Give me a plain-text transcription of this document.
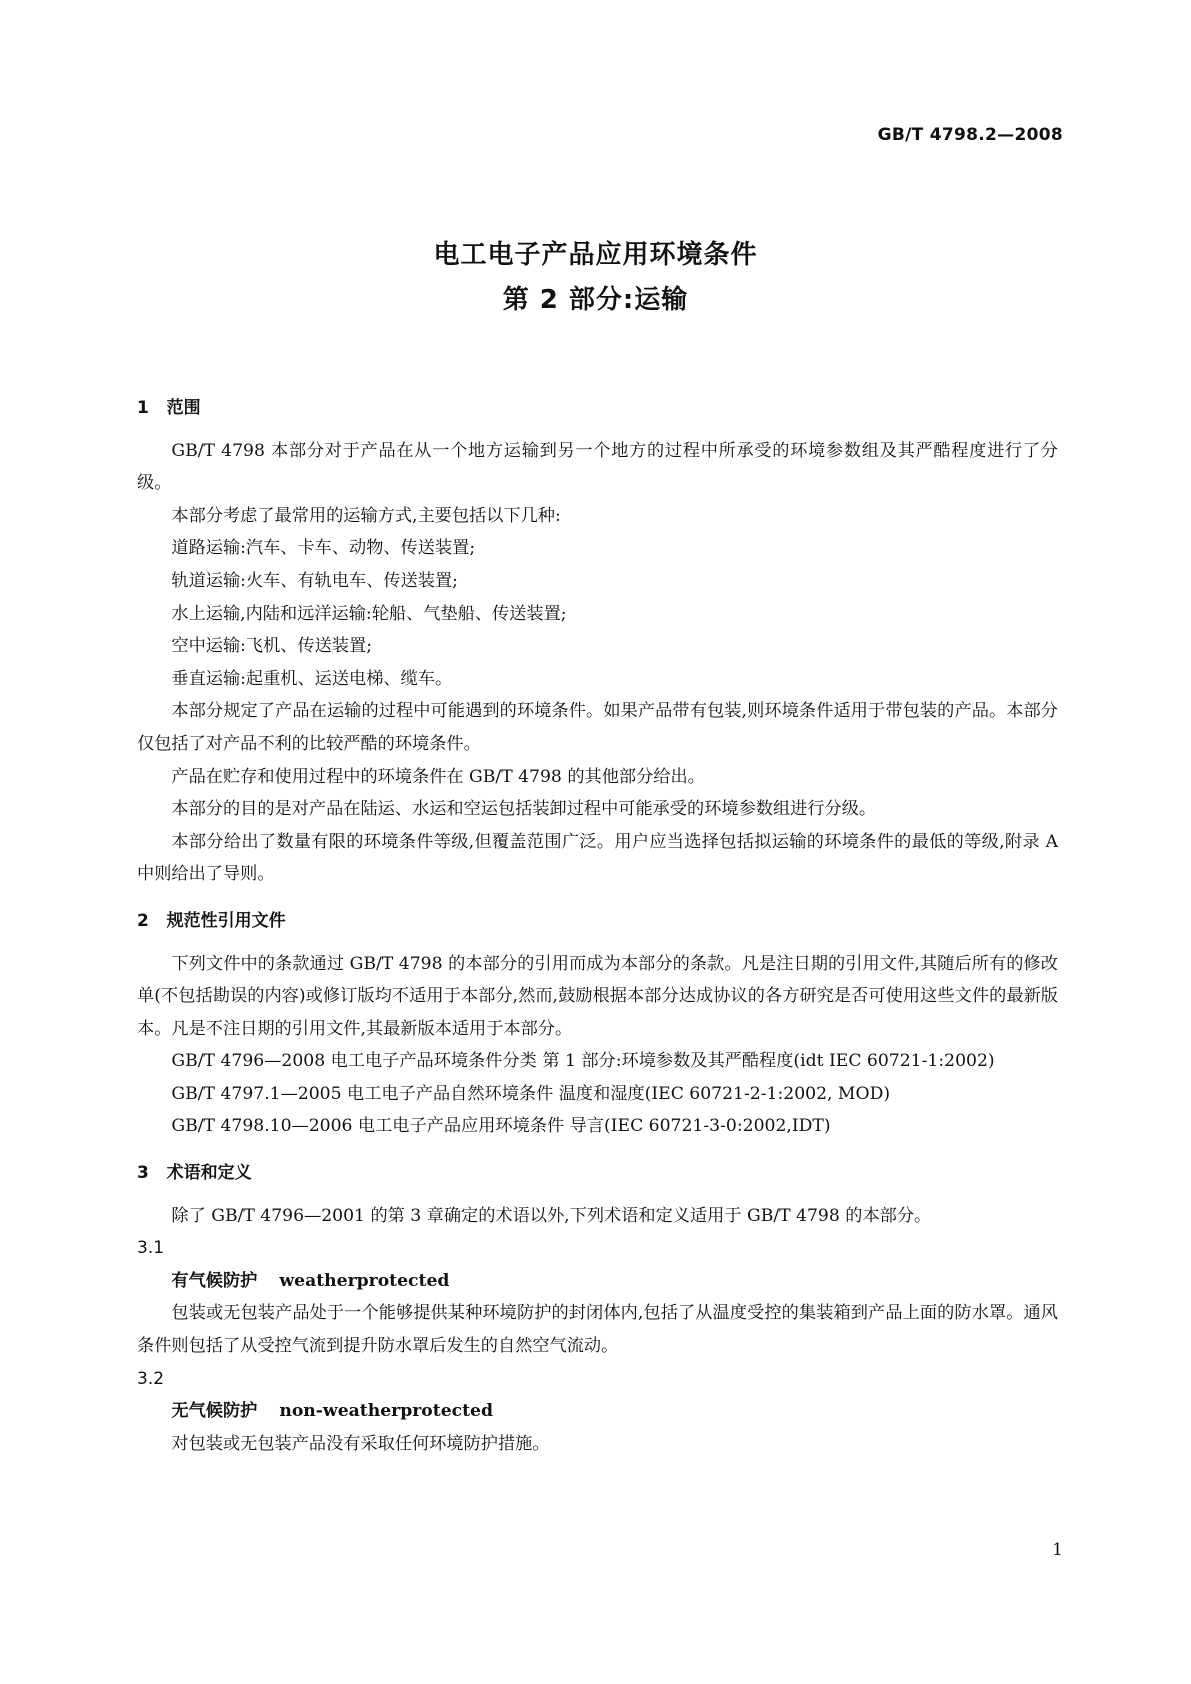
GB/T 4798.2—2008
电工电子产品应用环境条件
第 2 部分:运输
1   范围

GB/T 4798 本部分对于产品在从一个地方运输到另一个地方的过程中所承受的环境参数组及其严酷程度进行了分级。

本部分考虑了最常用的运输方式,主要包括以下几种:

道路运输:汽车、卡车、动物、传送装置;

轨道运输:火车、有轨电车、传送装置;

水上运输,内陆和远洋运输:轮船、气垫船、传送装置;

空中运输:飞机、传送装置;

垂直运输:起重机、运送电梯、缆车。

本部分规定了产品在运输的过程中可能遇到的环境条件。如果产品带有包装,则环境条件适用于带包装的产品。本部分仅包括了对产品不利的比较严酷的环境条件。

产品在贮存和使用过程中的环境条件在 GB/T 4798 的其他部分给出。

本部分的目的是对产品在陆运、水运和空运包括装卸过程中可能承受的环境参数组进行分级。

本部分给出了数量有限的环境条件等级,但覆盖范围广泛。用户应当选择包括拟运输的环境条件的最低的等级,附录 A 中则给出了导则。

2   规范性引用文件

下列文件中的条款通过 GB/T 4798 的本部分的引用而成为本部分的条款。凡是注日期的引用文件,其随后所有的修改单(不包括勘误的内容)或修订版均不适用于本部分,然而,鼓励根据本部分达成协议的各方研究是否可使用这些文件的最新版本。凡是不注日期的引用文件,其最新版本适用于本部分。

GB/T 4796—2008 电工电子产品环境条件分类 第 1 部分:环境参数及其严酷程度(idt IEC 60721-1:2002)

GB/T 4797.1—2005 电工电子产品自然环境条件 温度和湿度(IEC 60721-2-1:2002, MOD)

GB/T 4798.10—2006 电工电子产品应用环境条件 导言(IEC 60721-3-0:2002,IDT)

3   术语和定义

除了 GB/T 4796—2001 的第 3 章确定的术语以外,下列术语和定义适用于 GB/T 4798 的本部分。

3.1
有气候防护 weatherprotected

包装或无包装产品处于一个能够提供某种环境防护的封闭体内,包括了从温度受控的集装箱到产品上面的防水罩。通风条件则包括了从受控气流到提升防水罩后发生的自然空气流动。

3.2
无气候防护 non-weatherprotected

对包装或无包装产品没有采取任何环境防护措施。

1
